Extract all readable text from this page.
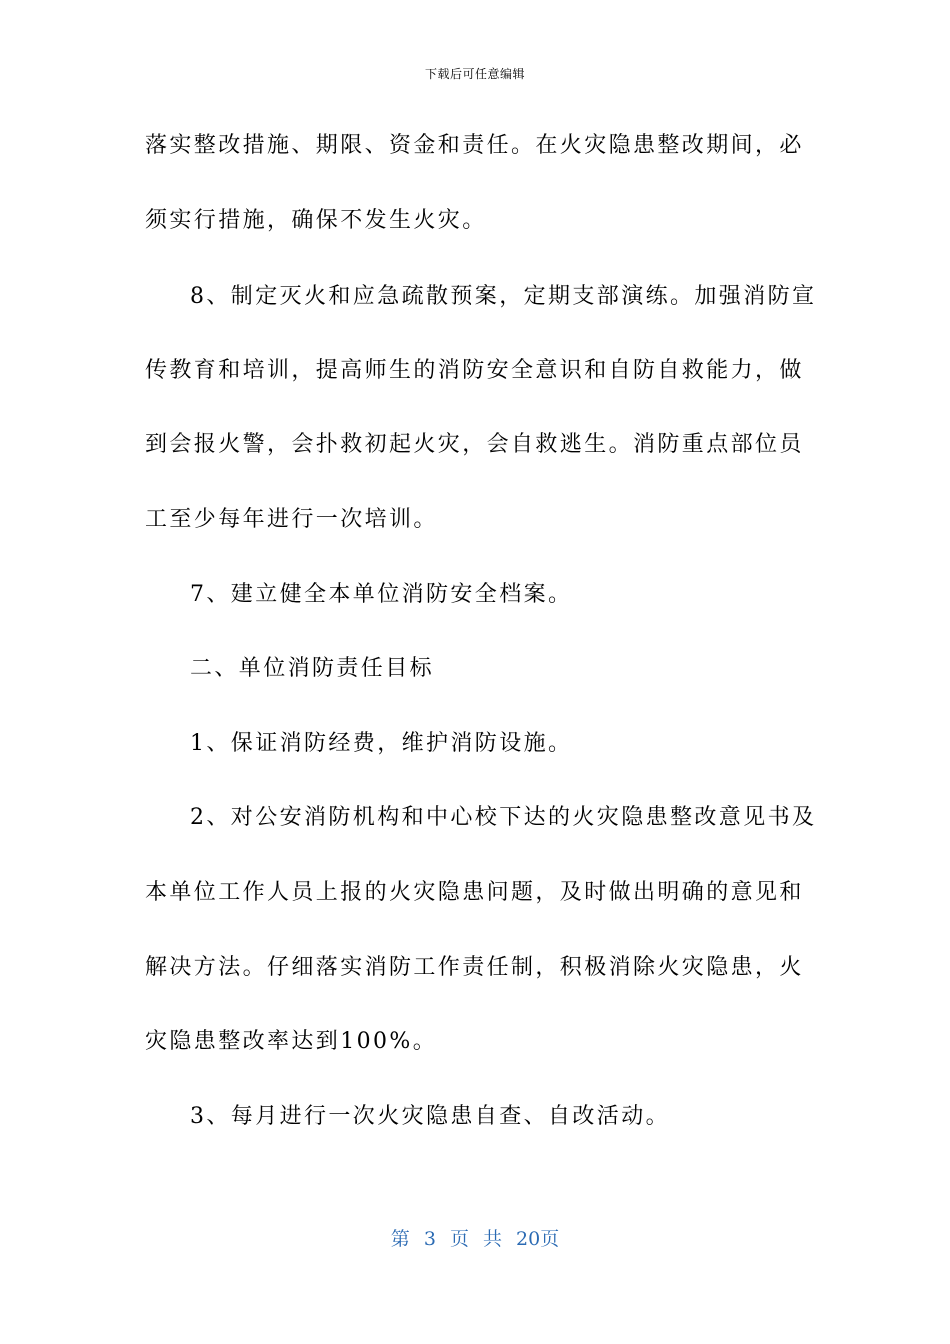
下载后可任意编辑
落实整改措施、期限、资金和责任。在火灾隐患整改期间，必
须实行措施，确保不发生火灾。
8、制定灭火和应急疏散预案，定期支部演练。加强消防宣
传教育和培训，提高师生的消防安全意识和自防自救能力，做
到会报火警，会扑救初起火灾，会自救逃生。消防重点部位员
工至少每年进行一次培训。
7、建立健全本单位消防安全档案。
二、单位消防责任目标
1、保证消防经费，维护消防设施。
2、对公安消防机构和中心校下达的火灾隐患整改意见书及
本单位工作人员上报的火灾隐患问题，及时做出明确的意见和
解决方法。仔细落实消防工作责任制，积极消除火灾隐患，火
灾隐患整改率达到100%。
3、每月进行一次火灾隐患自查、自改活动。
第 3 页 共 20页
